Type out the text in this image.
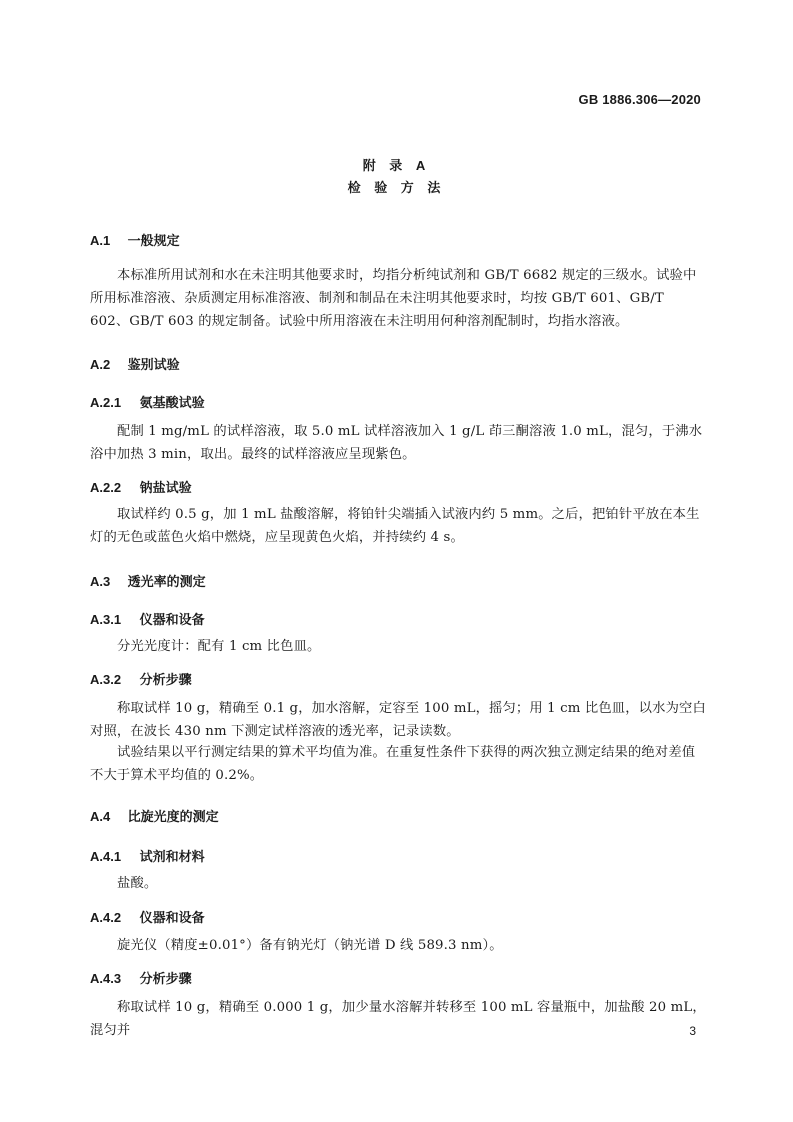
GB 1886.306—2020
附 录 A
检 验 方 法
A.1 一般规定
本标准所用试剂和水在未注明其他要求时，均指分析纯试剂和 GB/T 6682 规定的三级水。试验中所用标准溶液、杂质测定用标准溶液、制剂和制品在未注明其他要求时，均按 GB/T 601、GB/T 602、GB/T 603 的规定制备。试验中所用溶液在未注明用何种溶剂配制时，均指水溶液。
A.2 鉴别试验
A.2.1 氨基酸试验
配制 1 mg/mL 的试样溶液，取 5.0 mL 试样溶液加入 1 g/L 茚三酮溶液 1.0 mL，混匀，于沸水浴中加热 3 min，取出。最终的试样溶液应呈现紫色。
A.2.2 钠盐试验
取试样约 0.5 g，加 1 mL 盐酸溶解，将铂针尖端插入试液内约 5 mm。之后，把铂针平放在本生灯的无色或蓝色火焰中燃烧，应呈现黄色火焰，并持续约 4 s。
A.3 透光率的测定
A.3.1 仪器和设备
分光光度计：配有 1 cm 比色皿。
A.3.2 分析步骤
称取试样 10 g，精确至 0.1 g，加水溶解，定容至 100 mL，摇匀；用 1 cm 比色皿，以水为空白对照，在波长 430 nm 下测定试样溶液的透光率，记录读数。
试验结果以平行测定结果的算术平均值为准。在重复性条件下获得的两次独立测定结果的绝对差值不大于算术平均值的 0.2%。
A.4 比旋光度的测定
A.4.1 试剂和材料
盐酸。
A.4.2 仪器和设备
旋光仪（精度±0.01°）备有钠光灯（钠光谱 D 线 589.3 nm）。
A.4.3 分析步骤
称取试样 10 g，精确至 0.000 1 g，加少量水溶解并转移至 100 mL 容量瓶中，加盐酸 20 mL，混匀并	3
